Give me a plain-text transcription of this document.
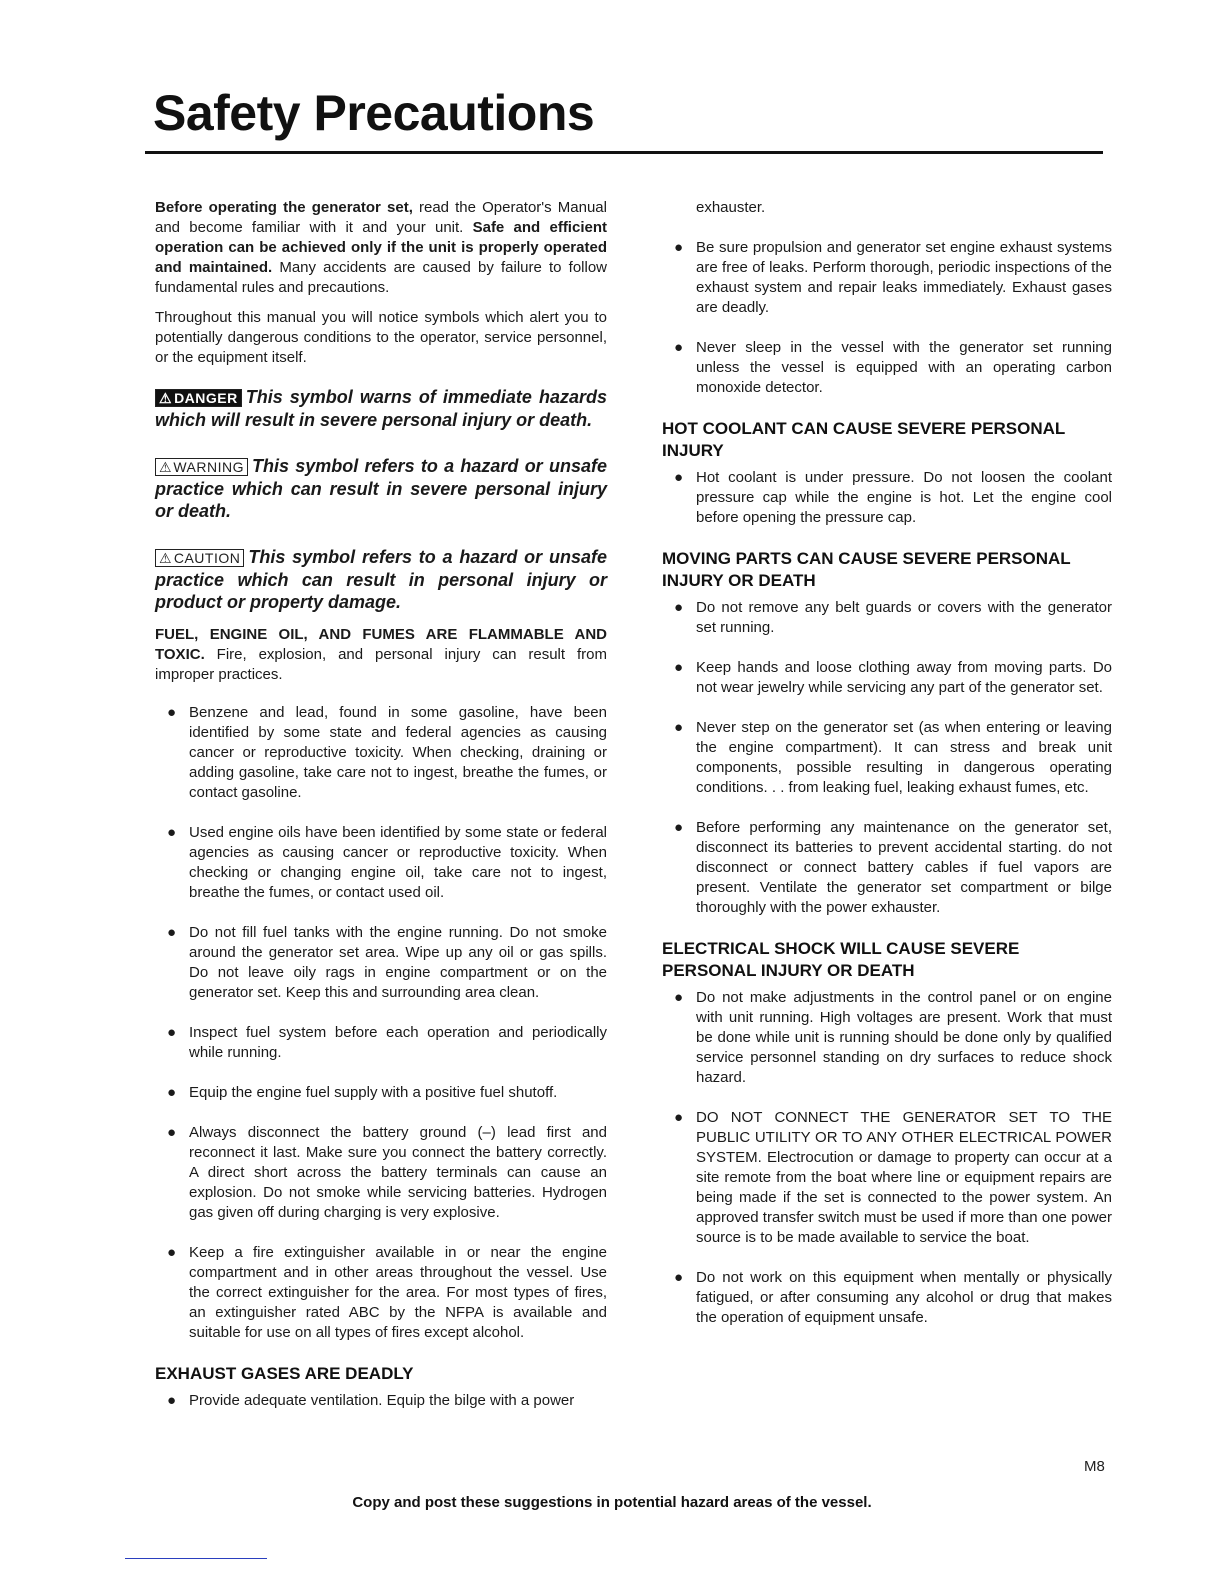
Safety Precautions

Before operating the generator set, read the Operator's Manual and become familiar with it and your unit. Safe and efficient operation can be achieved only if the unit is properly operated and maintained. Many accidents are caused by failure to follow fundamental rules and precautions.

Throughout this manual you will notice symbols which alert you to potentially dangerous conditions to the operator, service personnel, or the equipment itself.

⚠DANGER This symbol warns of immediate hazards which will result in severe personal injury or death.

⚠WARNING This symbol refers to a hazard or unsafe practice which can result in severe personal injury or death.

⚠CAUTION This symbol refers to a hazard or unsafe practice which can result in personal injury or product or property damage.

FUEL, ENGINE OIL, AND FUMES ARE FLAMMABLE AND TOXIC. Fire, explosion, and personal injury can result from improper practices.

● Benzene and lead, found in some gasoline, have been identified by some state and federal agencies as causing cancer or reproductive toxicity. When checking, draining or adding gasoline, take care not to ingest, breathe the fumes, or contact gasoline.
● Used engine oils have been identified by some state or federal agencies as causing cancer or reproductive toxicity. When checking or changing engine oil, take care not to ingest, breathe the fumes, or contact used oil.
● Do not fill fuel tanks with the engine running. Do not smoke around the generator set area. Wipe up any oil or gas spills. Do not leave oily rags in engine compartment or on the generator set. Keep this and surrounding area clean.
● Inspect fuel system before each operation and periodically while running.
● Equip the engine fuel supply with a positive fuel shutoff.
● Always disconnect the battery ground (–) lead first and reconnect it last. Make sure you connect the battery correctly. A direct short across the battery terminals can cause an explosion. Do not smoke while servicing batteries. Hydrogen gas given off during charging is very explosive.
● Keep a fire extinguisher available in or near the engine compartment and in other areas throughout the vessel. Use the correct extinguisher for the area. For most types of fires, an extinguisher rated ABC by the NFPA is available and suitable for use on all types of fires except alcohol.
EXHAUST GASES ARE DEADLY
● Provide adequate ventilation. Equip the bilge with a power
exhauster.
● Be sure propulsion and generator set engine exhaust systems are free of leaks. Perform thorough, periodic inspections of the exhaust system and repair leaks immediately. Exhaust gases are deadly.
● Never sleep in the vessel with the generator set running unless the vessel is equipped with an operating carbon monoxide detector.
HOT COOLANT CAN CAUSE SEVERE PERSONAL INJURY
● Hot coolant is under pressure. Do not loosen the coolant pressure cap while the engine is hot. Let the engine cool before opening the pressure cap.
MOVING PARTS CAN CAUSE SEVERE PERSONAL INJURY OR DEATH
● Do not remove any belt guards or covers with the generator set running.
● Keep hands and loose clothing away from moving parts. Do not wear jewelry while servicing any part of the generator set.
● Never step on the generator set (as when entering or leaving the engine compartment). It can stress and break unit components, possible resulting in dangerous operating conditions. . . from leaking fuel, leaking exhaust fumes, etc.
● Before performing any maintenance on the generator set, disconnect its batteries to prevent accidental starting. do not disconnect or connect battery cables if fuel vapors are present. Ventilate the generator set compartment or bilge thoroughly with the power exhauster.
ELECTRICAL SHOCK WILL CAUSE SEVERE PERSONAL INJURY OR DEATH
● Do not make adjustments in the control panel or on engine with unit running. High voltages are present. Work that must be done while unit is running should be done only by qualified service personnel standing on dry surfaces to reduce shock hazard.
● DO NOT CONNECT THE GENERATOR SET TO THE PUBLIC UTILITY OR TO ANY OTHER ELECTRICAL POWER SYSTEM. Electrocution or damage to property can occur at a site remote from the boat where line or equipment repairs are being made if the set is connected to the power system. An approved transfer switch must be used if more than one power source is to be made available to service the boat.
● Do not work on this equipment when mentally or physically fatigued, or after consuming any alcohol or drug that makes the operation of equipment unsafe.
M8
Copy and post these suggestions in potential hazard areas of the vessel.
